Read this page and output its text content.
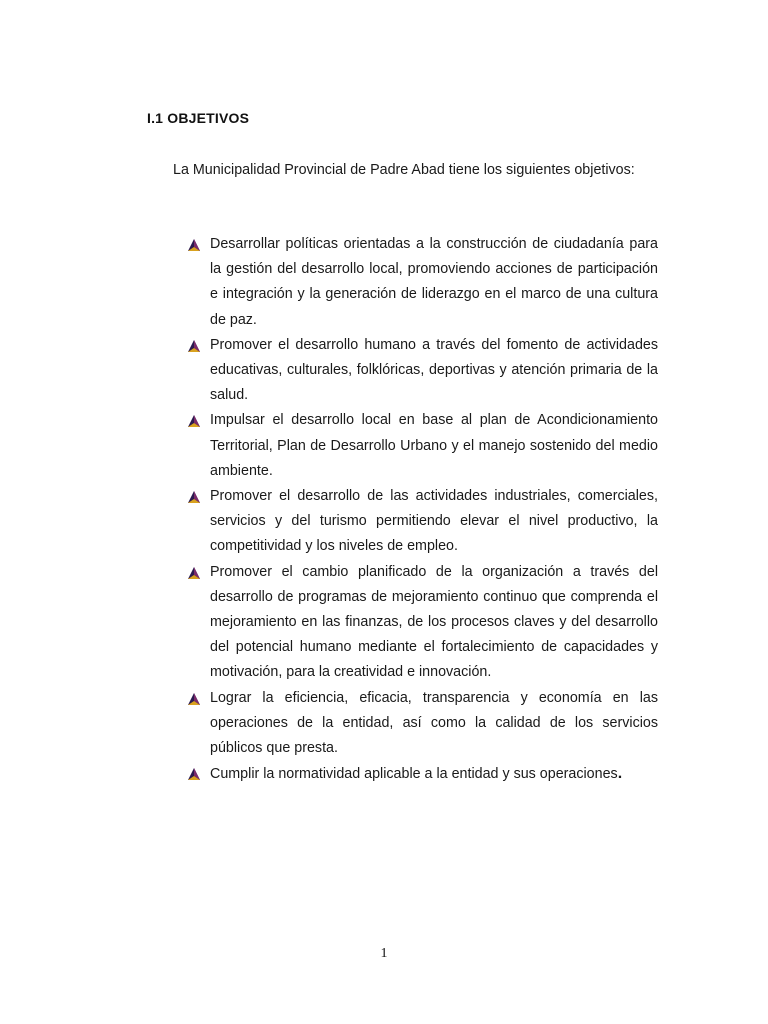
I.1 OBJETIVOS

La Municipalidad Provincial de Padre Abad tiene los siguientes objetivos:

Desarrollar políticas orientadas a la construcción de ciudadanía para la gestión del desarrollo local, promoviendo acciones de participación e integración y la generación de liderazgo en el marco de una cultura de paz.
Promover el desarrollo humano a través del fomento de actividades educativas, culturales, folklóricas, deportivas y atención primaria de la salud.
Impulsar el desarrollo local en base al plan de Acondicionamiento Territorial, Plan de Desarrollo Urbano y el manejo sostenido del medio ambiente.
Promover el desarrollo de las actividades industriales, comerciales, servicios y del turismo permitiendo elevar el nivel productivo, la competitividad y los niveles de empleo.
Promover el cambio planificado de la organización a través del desarrollo de programas de mejoramiento continuo que comprenda el mejoramiento en las finanzas, de los procesos claves y del desarrollo del potencial humano mediante el fortalecimiento de capacidades y motivación, para la creatividad e innovación.
Lograr la eficiencia, eficacia, transparencia y economía en las operaciones de la entidad, así como la calidad de los servicios públicos que presta.
Cumplir la normatividad aplicable a la entidad y sus operaciones.
1
